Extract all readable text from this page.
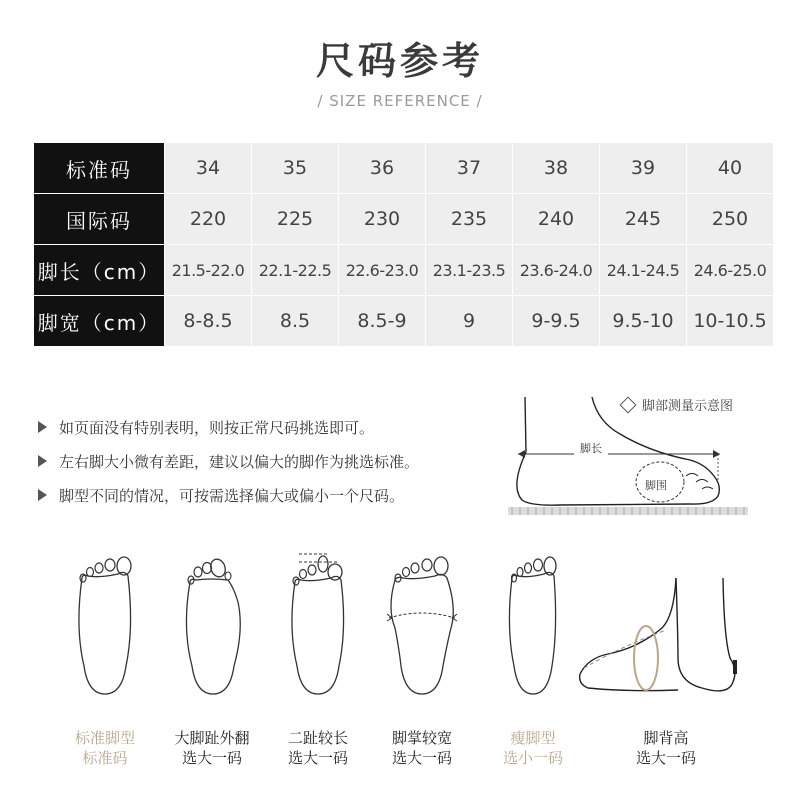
尺码参考
/ SIZE REFERENCE /
标准码	34	35	36	37	38	39	40
国际码	220	225	230	235	240	245	250
脚长（cm）	21.5-22.0	22.1-22.5	22.6-23.0	23.1-23.5	23.6-24.0	24.1-24.5	24.6-25.0
脚宽（cm）	8-8.5	8.5	8.5-9	9	9-9.5	9.5-10	10-10.5
如页面没有特别表明，则按正常尺码挑选即可。
左右脚大小微有差距，建议以偏大的脚作为挑选标准。
脚型不同的情况，可按需选择偏大或偏小一个尺码。
脚部测量示意图
脚长
脚围
标准脚型
标准码
大脚趾外翻
选大一码
二趾较长
选大一码
脚掌较宽
选大一码
瘦脚型
选小一码
脚背高
选大一码
